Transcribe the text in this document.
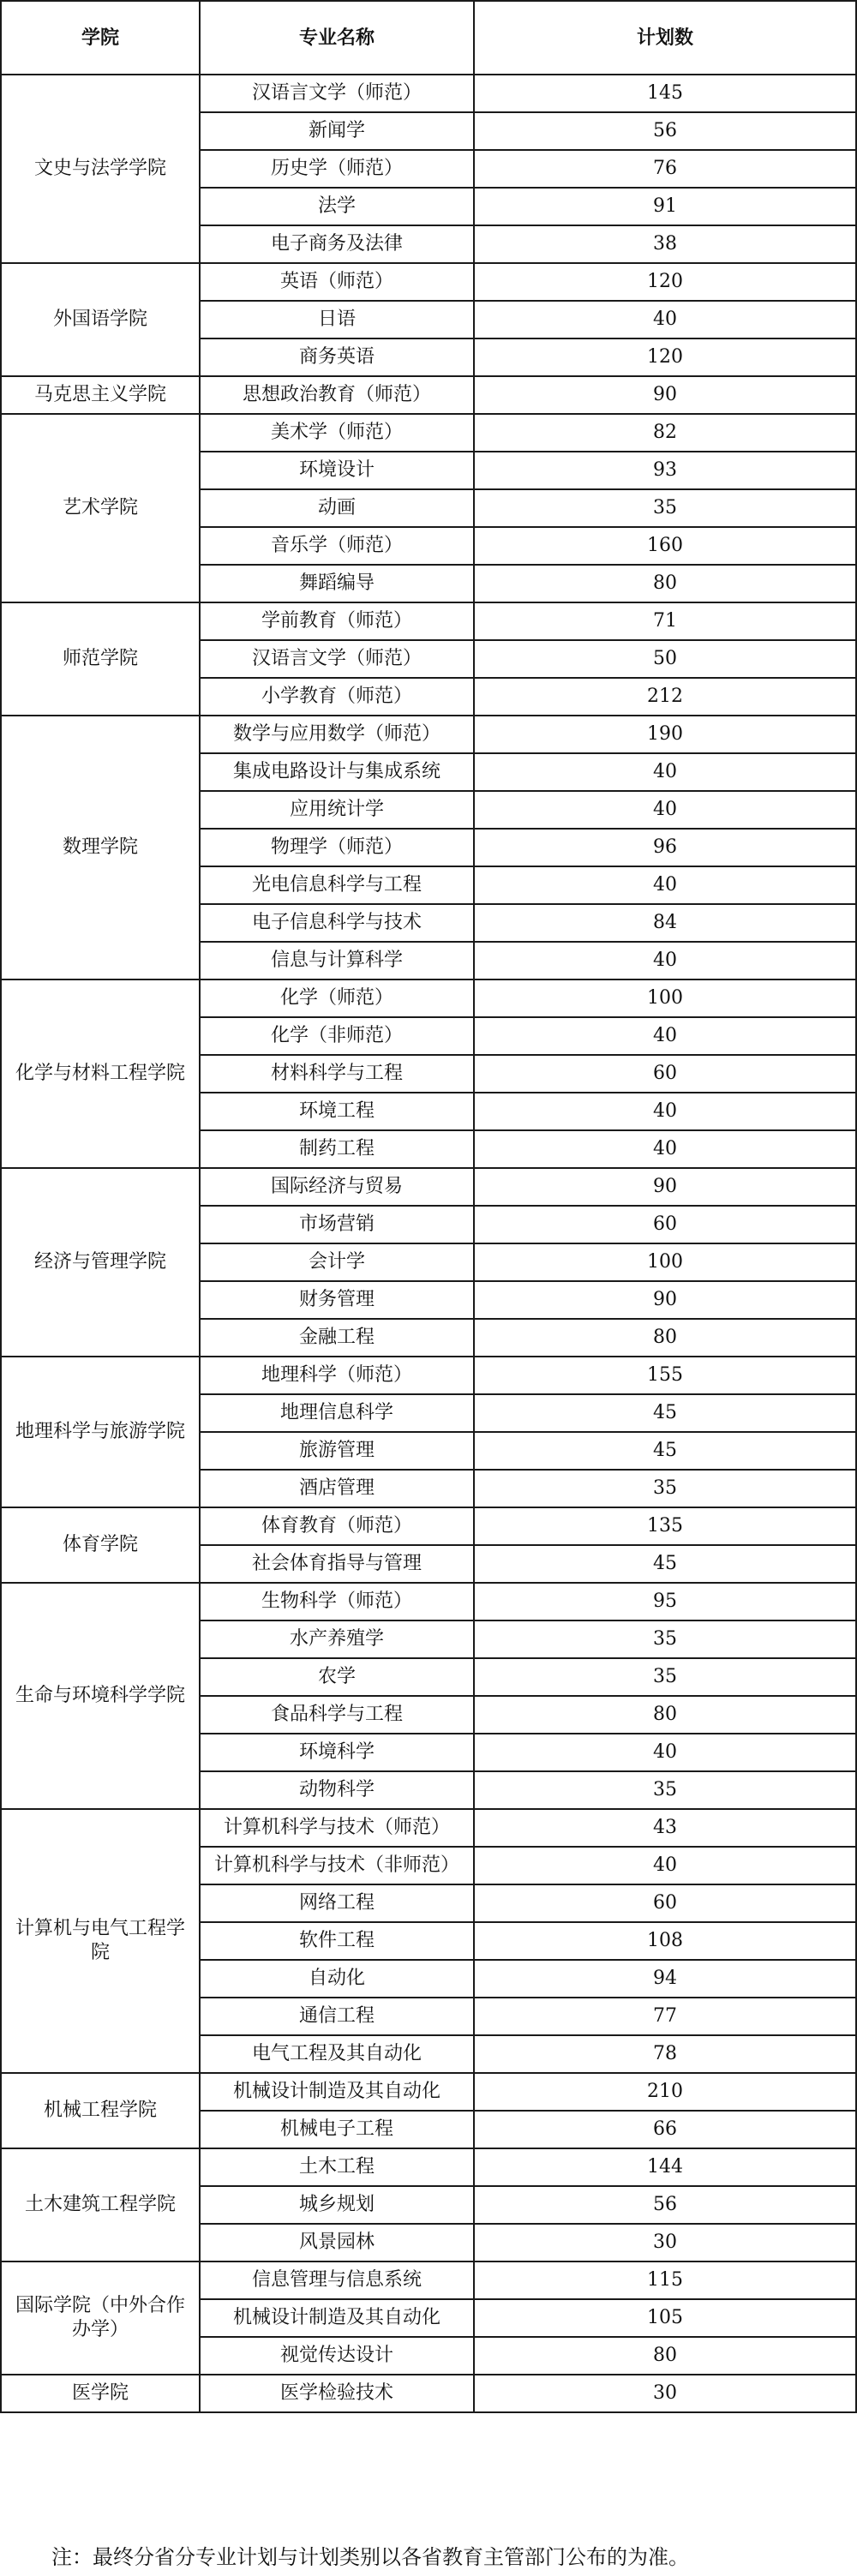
学院	专业名称	计划数
文史与法学学院	汉语言文学（师范）	145
	新闻学	56
	历史学（师范）	76
	法学	91
	电子商务及法律	38
外国语学院	英语（师范）	120
	日语	40
	商务英语	120
马克思主义学院	思想政治教育（师范）	90
艺术学院	美术学（师范）	82
	环境设计	93
	动画	35
	音乐学（师范）	160
	舞蹈编导	80
师范学院	学前教育（师范）	71
	汉语言文学（师范）	50
	小学教育（师范）	212
数理学院	数学与应用数学（师范）	190
	集成电路设计与集成系统	40
	应用统计学	40
	物理学（师范）	96
	光电信息科学与工程	40
	电子信息科学与技术	84
	信息与计算科学	40
化学与材料工程学院	化学（师范）	100
	化学（非师范）	40
	材料科学与工程	60
	环境工程	40
	制药工程	40
经济与管理学院	国际经济与贸易	90
	市场营销	60
	会计学	100
	财务管理	90
	金融工程	80
地理科学与旅游学院	地理科学（师范）	155
	地理信息科学	45
	旅游管理	45
	酒店管理	35
体育学院	体育教育（师范）	135
	社会体育指导与管理	45
生命与环境科学学院	生物科学（师范）	95
	水产养殖学	35
	农学	35
	食品科学与工程	80
	环境科学	40
	动物科学	35
计算机与电气工程学院	计算机科学与技术（师范）	43
	计算机科学与技术（非师范）	40
	网络工程	60
	软件工程	108
	自动化	94
	通信工程	77
	电气工程及其自动化	78
机械工程学院	机械设计制造及其自动化	210
	机械电子工程	66
土木建筑工程学院	土木工程	144
	城乡规划	56
	风景园林	30
国际学院（中外合作办学）	信息管理与信息系统	115
	机械设计制造及其自动化	105
	视觉传达设计	80
医学院	医学检验技术	30
注：最终分省分专业计划与计划类别以各省教育主管部门公布的为准。
